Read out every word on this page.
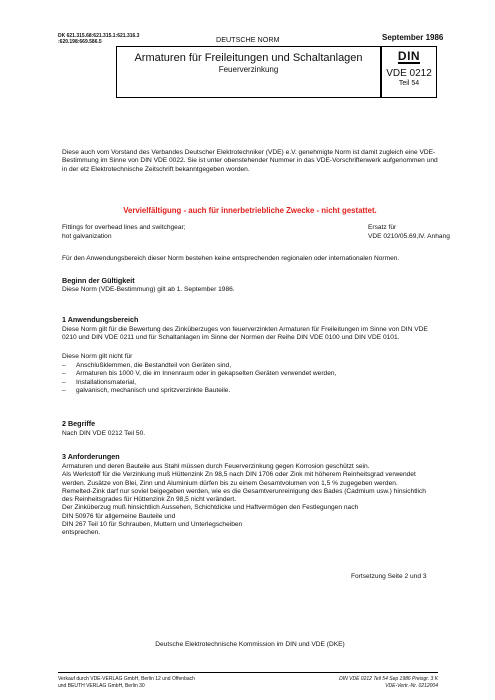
DK 621.315.68:621.315.1:621.316.3
:620.198:669.586.5	DEUTSCHE NORM	September 1986
Armaturen für Freileitungen und Schaltanlagen
Feuerverzinkung
DIN
VDE 0212
Teil 54

Diese auch vom Vorstand des Verbandes Deutscher Elektrotechniker (VDE) e.V. genehmigte Norm ist damit zugleich eine VDE-Bestimmung im Sinne von DIN VDE 0022. Sie ist unter obenstehender Nummer in das VDE-Vorschriftenwerk aufgenommen und in der etz Elektrotechnische Zeitschrift bekanntgegeben worden.

Vervielfältigung - auch für innerbetriebliche Zwecke - nicht gestattet.
Fittings for overhead lines and switchgear;
hot galvanization
Ersatz für
VDE 0210/05.69,IV. Anhang
Für den Anwendungsbereich dieser Norm bestehen keine entsprechenden regionalen oder internationalen Normen.
Beginn der Gültigkeit
Diese Norm (VDE-Bestimmung) gilt ab 1. September 1986.
1 Anwendungsbereich

Diese Norm gilt für die Bewertung des Zinküberzuges von feuerverzinkten Armaturen für Freileitungen im Sinne von DIN VDE 0210 und DIN VDE 0211 und für Schaltanlagen im Sinne der Normen der Reihe DIN VDE 0100 und DIN VDE 0101.

Diese Norm gilt nicht für
– Anschlußklemmen, die Bestandteil von Geräten sind,
– Armaturen bis 1000 V, die im Innenraum oder in gekapselten Geräten verwendet werden,
– Installationsmaterial,
– galvanisch, mechanisch und spritzverzinkte Bauteile.
2 Begriffe
Nach DIN VDE 0212 Teil 50.
3 Anforderungen

Armaturen und deren Bauteile aus Stahl müssen durch Feuerverzinkung gegen Korrosion geschützt sein.

Als Werkstoff für die Verzinkung muß Hüttenzink Zn 98,5 nach DIN 1706 oder Zink mit höherem Reinheitsgrad verwendet werden. Zusätze von Blei, Zinn und Aluminium dürfen bis zu einem Gesamtvolumen von 1,5 % zugegeben werden.

Remelted-Zink darf nur soviel beigegeben werden, wie es die Gesamtverunreinigung des Bades (Cadmium usw.) hinsichtlich des Reinheitsgrades für Hüttenzink Zn 98,5 nicht verändert.

Der Zinküberzug muß hinsichtlich Aussehen, Schichtdicke und Haftvermögen den Festlegungen nach

DIN 50976 für allgemeine Bauteile und

DIN 267 Teil 10 für Schrauben, Muttern und Unterlegscheiben

entsprechen.

Fortsetzung Seite 2 und 3
Deutsche Elektrotechnische Kommission im DIN und VDE (DKE)
Verkauf durch VDE-VERLAG GmbH, Berlin 12 und Offenbach
und BEUTH VERLAG GmbH, Berlin 30
DIN VDE 0212 Teil 54 Sep 1986 Preisgr. 3 K
VDE-Vertr.-Nr. 0212004
